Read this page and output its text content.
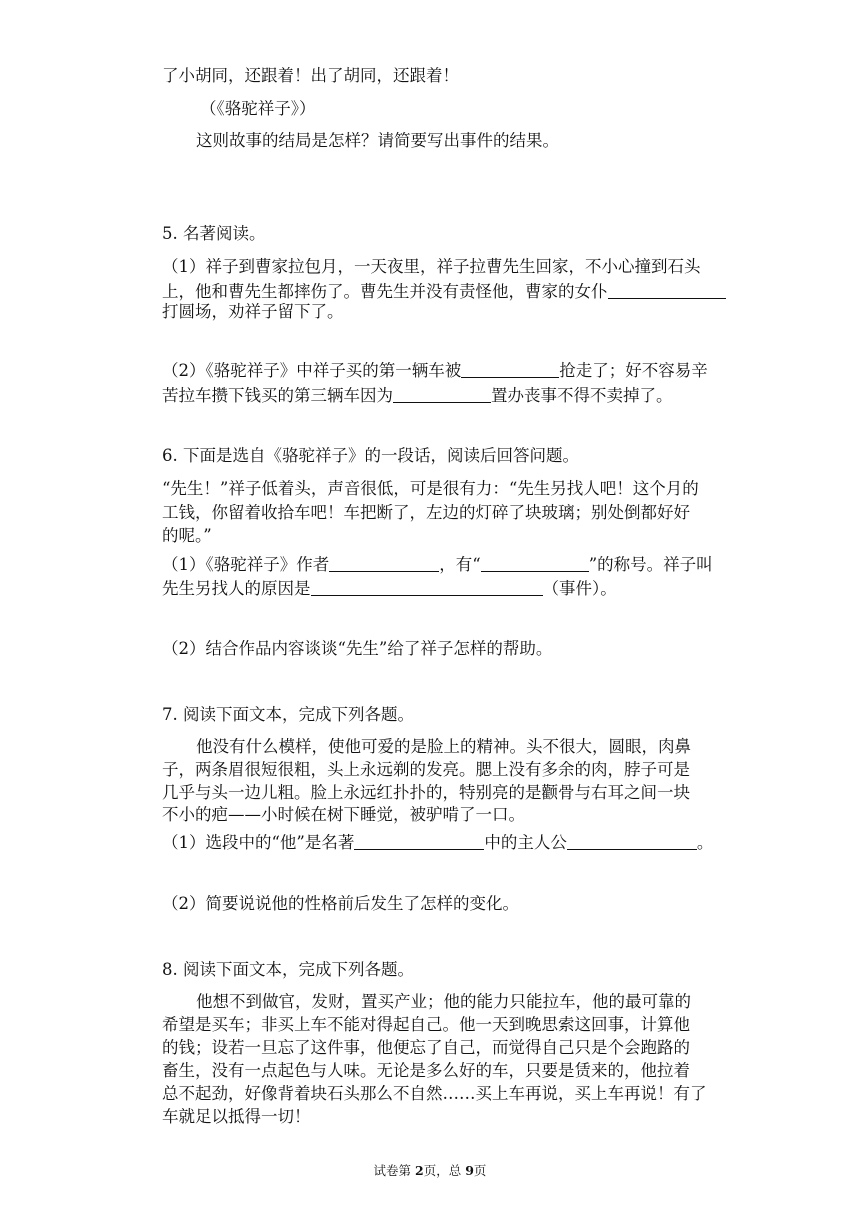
了小胡同，还跟着！出了胡同，还跟着！
（《骆驼祥子》）
这则故事的结局是怎样？请简要写出事件的结果。
5. 名著阅读。
（1）祥子到曹家拉包月，一天夜里，祥子拉曹先生回家，不小心撞到石头
上，他和曹先生都摔伤了。曹先生并没有责怪他，曹家的女仆
打圆场，劝祥子留下了。
（2）《骆驼祥子》中祥子买的第一辆车被	抢走了；好不容易辛
苦拉车攒下钱买的第三辆车因为	置办丧事不得不卖掉了。
6. 下面是选自《骆驼祥子》的一段话，阅读后回答问题。
“先生！”祥子低着头，声音很低，可是很有力：“先生另找人吧！这个月的
工钱，你留着收拾车吧！车把断了，左边的灯碎了块玻璃；别处倒都好好
的呢。”
（1）《骆驼祥子》作者	，有“	”的称号。祥子叫
先生另找人的原因是	（事件）。
（2）结合作品内容谈谈“先生”给了祥子怎样的帮助。
7. 阅读下面文本，完成下列各题。
他没有什么模样，使他可爱的是脸上的精神。头不很大，圆眼，肉鼻
子，两条眉很短很粗，头上永远剃的发亮。腮上没有多余的肉，脖子可是
几乎与头一边儿粗。脸上永远红扑扑的，特别亮的是颧骨与右耳之间一块
不小的疤——小时候在树下睡觉，被驴啃了一口。
（1）选段中的“他”是名著	中的主人公	。
（2）简要说说他的性格前后发生了怎样的变化。
8. 阅读下面文本，完成下列各题。
他想不到做官，发财，置买产业；他的能力只能拉车，他的最可靠的
希望是买车；非买上车不能对得起自己。他一天到晚思索这回事，计算他
的钱；设若一旦忘了这件事，他便忘了自己，而觉得自己只是个会跑路的
畜生，没有一点起色与人味。无论是多么好的车，只要是赁来的，他拉着
总不起劲，好像背着块石头那么不自然……买上车再说，买上车再说！有了
车就足以抵得一切！
试卷第 2页，总 9页
